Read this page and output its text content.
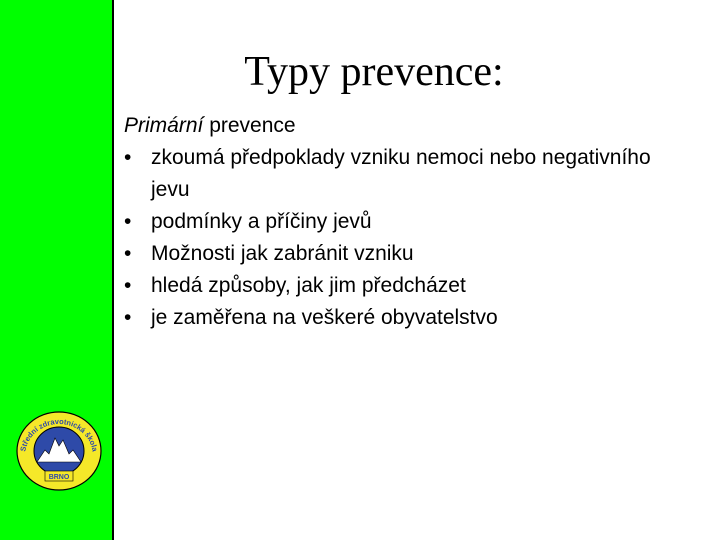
BRNO
Střední zdravotnická škola
Typy prevence:

Primární prevence

• zkoumá předpoklady vzniku nemoci nebo negativního jevu
• podmínky a příčiny jevů
• Možnosti jak zabránit vzniku
• hledá způsoby, jak jim předcházet
• je zaměřena na veškeré obyvatelstvo
